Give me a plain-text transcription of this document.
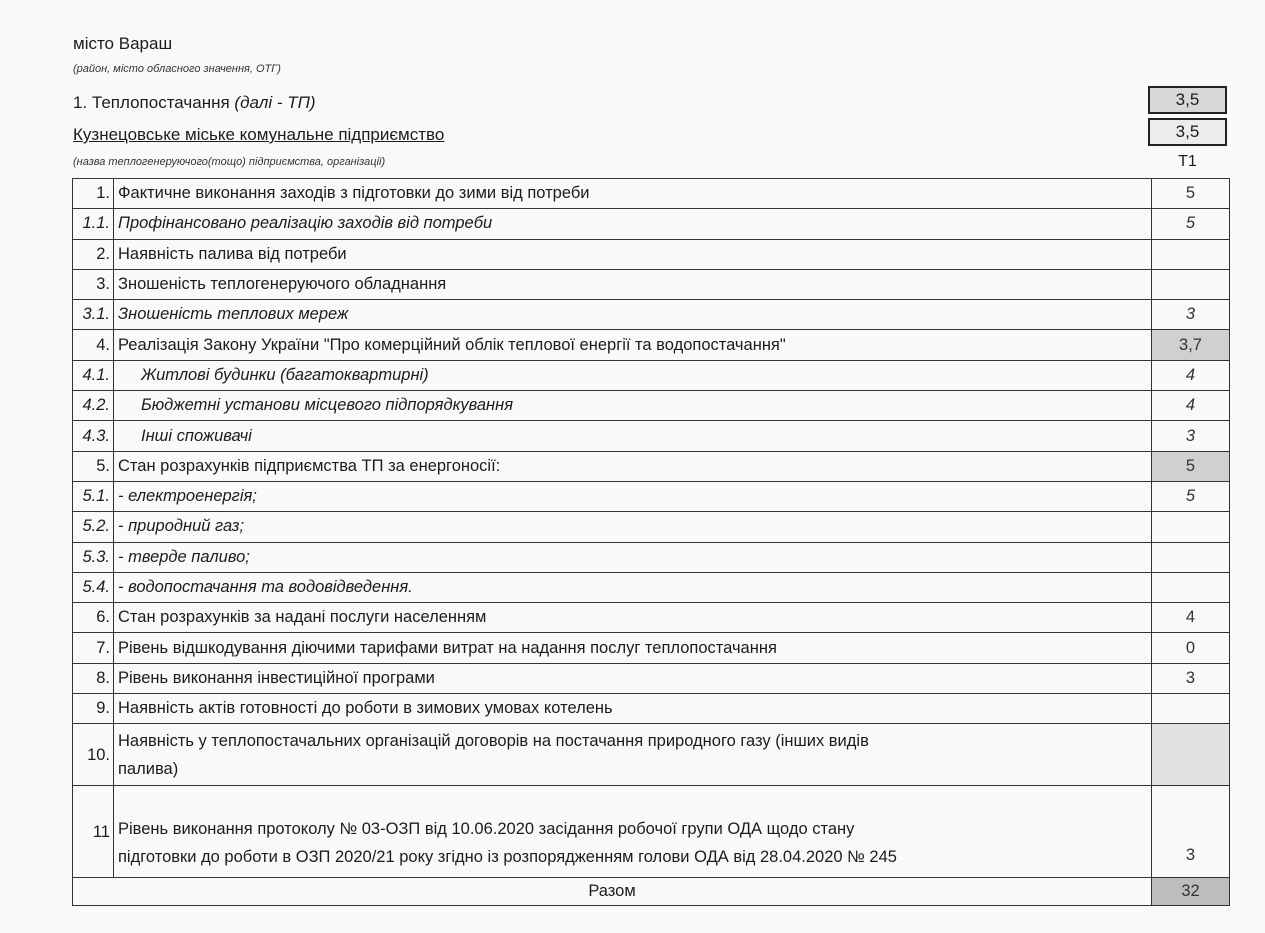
місто Вараш
(район, місто обласного значення, ОТГ)
1. Теплопостачання (далі - ТП)
Кузнецовське міське комунальне підприємство
(назва теплогенеруючого(тощо) підприємства, організації)
3,5
3,5
Т1
1.	Фактичне виконання заходів з підготовки до зими від потреби	5
1.1.	Профінансовано реалізацію заходів від потреби	5
2.	Наявність палива від потреби	
3.	Зношеність теплогенеруючого обладнання	
3.1.	Зношеність теплових мереж	3
4.	Реалізація Закону України "Про комерційний облік теплової енергії та водопостачання"	3,7
4.1.	Житлові будинки (багатоквартирні)	4
4.2.	Бюджетні установи місцевого підпорядкування	4
4.3.	Інші споживачі	3
5.	Стан розрахунків підприємства ТП за енергоносії:	5
5.1.	- електроенергія;	5
5.2.	- природний газ;	
5.3.	- тверде паливо;	
5.4.	- водопостачання та водовідведення.	
6.	Стан розрахунків за надані послуги населенням	4
7.	Рівень відшкодування діючими тарифами витрат на надання послуг теплопостачання	0
8.	Рівень виконання інвестиційної програми	3
9.	Наявність актів готовності до роботи в зимових умовах котелень	
10.	Наявність у теплопостачальних організацій договорів на постачання природного газу (інших видів
палива)	

11	Рівень виконання протоколу № 03-ОЗП від 10.06.2020 засідання робочої групи ОДА щодо стану
підготовки до роботи в ОЗП 2020/21 року згідно із розпорядженням голови ОДА від 28.04.2020 № 245	3
Разом		32
